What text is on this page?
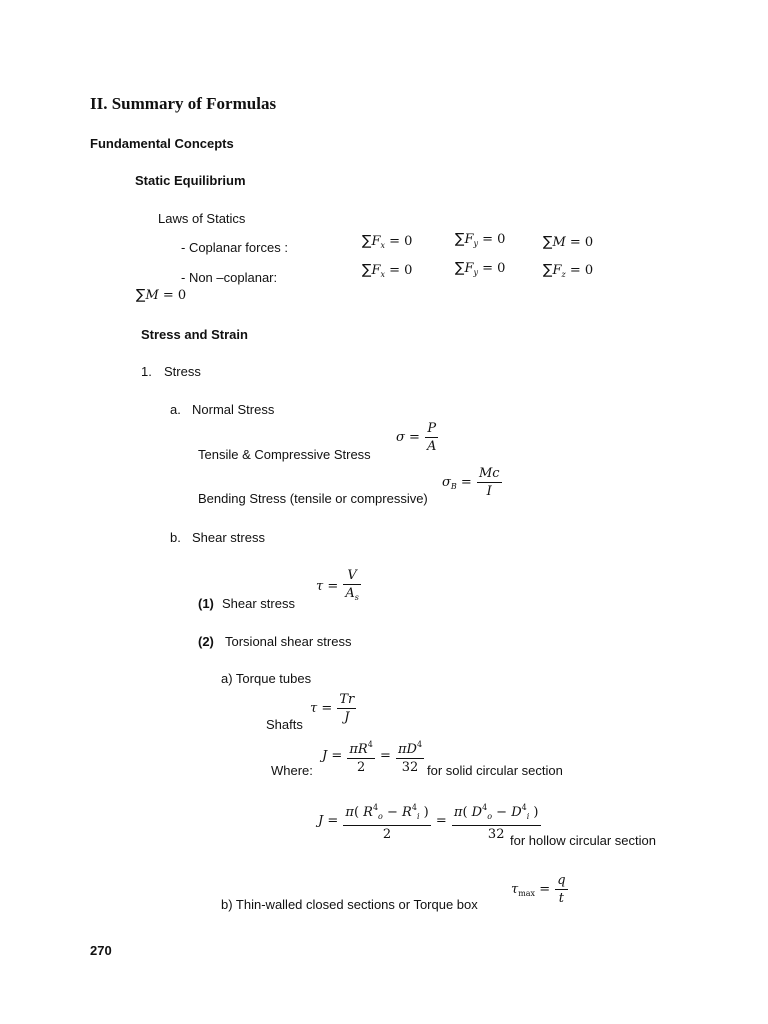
II. Summary of Formulas
Fundamental Concepts
Static Equilibrium
Laws of Statics
- Coplanar forces :	$\sum F_x = 0$	$\sum F_y = 0$	∑M = 0
- Non –coplanar:	$\sum F_x = 0$	$\sum F_y = 0$	$\sum F_z = 0$
∑M = 0
Stress and Strain
1. Stress
a. Normal Stress
Tensile & Compressive Stress
$\sigma = \frac{P}{A}$
Bending Stress (tensile or compressive)
$\sigma_B = \frac{Mc}{I}$
b. Shear stress
$\tau = \frac{V}{A_s}$
(1) Shear stress
(2) Torsional shear stress
a) Torque tubes
$\tau = \frac{Tr}{J}$
Shafts
Where:
$J = \frac{\pi R^4}{2} = \frac{\pi D^4}{32}$ for solid circular section
$J = \frac{\pi( R^4_o - R^4_i )}{2} = \frac{\pi( D^4_o - D^4_i )}{32}$
for hollow circular section
$\tau_{max} = \frac{q}{t}$
b) Thin-walled closed sections or Torque box
270
